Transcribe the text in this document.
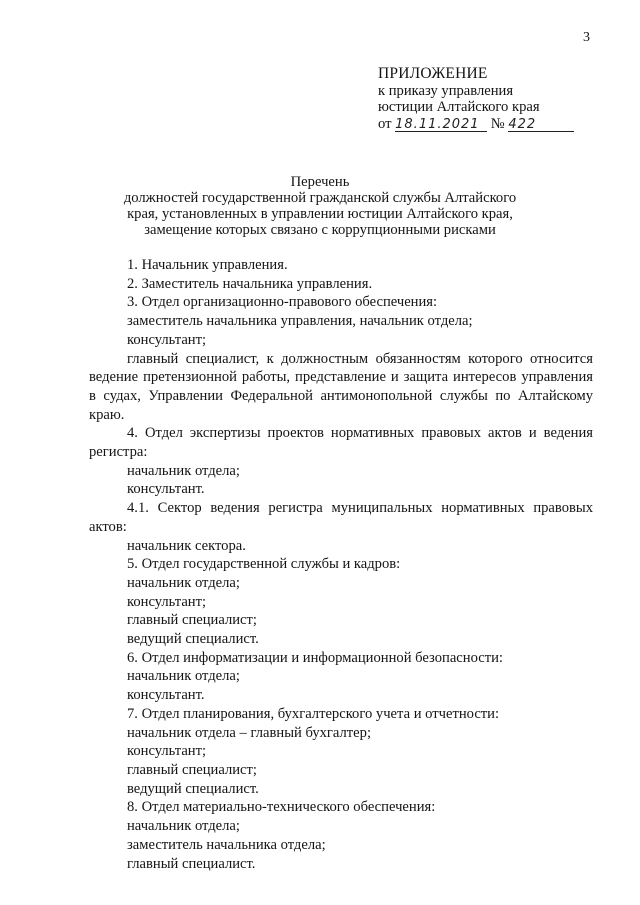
3
ПРИЛОЖЕНИЕ
к приказу управления
юстиции Алтайского края
от 18.11.2021 № 422
Перечень
должностей государственной гражданской службы Алтайского
края, установленных в управлении юстиции Алтайского края,
замещение которых связано с коррупционными рисками
1. Начальник управления.
2. Заместитель начальника управления.
3. Отдел организационно-правового обеспечения:
заместитель начальника управления, начальник отдела;
консультант;
главный специалист, к должностным обязанностям которого относится ведение претензионной работы, представление и защита интересов управления в судах, Управлении Федеральной антимонопольной службы по Алтайскому краю.
4. Отдел экспертизы проектов нормативных правовых актов и ведения регистра:
начальник отдела;
консультант.
4.1. Сектор ведения регистра муниципальных нормативных правовых актов:
начальник сектора.
5. Отдел государственной службы и кадров:
начальник отдела;
консультант;
главный специалист;
ведущий специалист.
6. Отдел информатизации и информационной безопасности:
начальник отдела;
консультант.
7. Отдел планирования, бухгалтерского учета и отчетности:
начальник отдела – главный бухгалтер;
консультант;
главный специалист;
ведущий специалист.
8. Отдел материально-технического обеспечения:
начальник отдела;
заместитель начальника отдела;
главный специалист.
